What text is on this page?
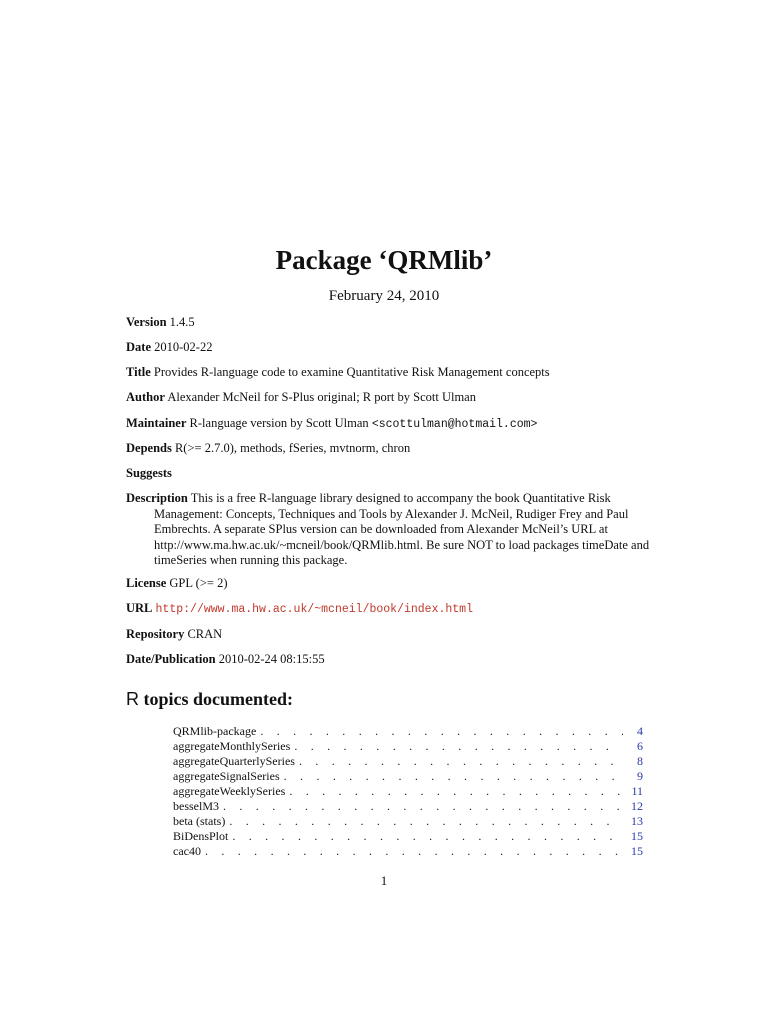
Package ‘QRMlib’
February 24, 2010
Version 1.4.5
Date 2010-02-22
Title Provides R-language code to examine Quantitative Risk Management concepts
Author Alexander McNeil for S-Plus original; R port by Scott Ulman
Maintainer R-language version by Scott Ulman <scottulman@hotmail.com>
Depends R(>= 2.7.0), methods, fSeries, mvtnorm, chron
Suggests
Description This is a free R-language library designed to accompany the book Quantitative Risk Management: Concepts, Techniques and Tools by Alexander J. McNeil, Rudiger Frey and Paul Embrechts. A separate SPlus version can be downloaded from Alexander McNeil’s URL at http://www.ma.hw.ac.uk/~mcneil/book/QRMlib.html. Be sure NOT to load packages timeDate and timeSeries when running this package.
License GPL (>= 2)
URL http://www.ma.hw.ac.uk/~mcneil/book/index.html
Repository CRAN
Date/Publication 2010-02-24 08:15:55
R topics documented:
QRMlib-package . . .	4
aggregateMonthlySeries . . .	6
aggregateQuarterlySeries . . .	8
aggregateSignalSeries . . .	9
aggregateWeeklySeries . . .	11
besselM3 . . .	12
beta (stats) . . .	13
BiDensPlot . . .	15
cac40 . . .	15
1
